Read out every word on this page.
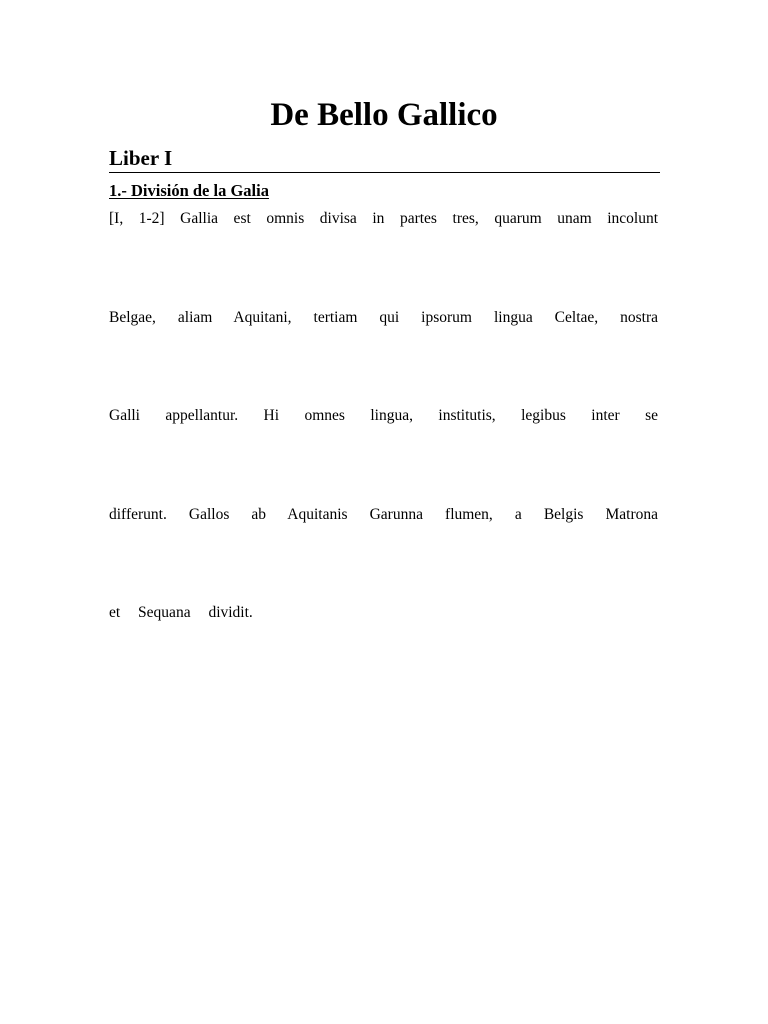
De Bello Gallico
Liber I
1.- División de la Galia
[I, 1-2] Gallia est omnis divisa in partes tres, quarum unam incolunt
Belgae, aliam Aquitani, tertiam qui ipsorum lingua Celtae, nostra
Galli appellantur. Hi omnes lingua, institutis, legibus inter se
differunt. Gallos ab Aquitanis Garunna flumen, a Belgis Matrona
et Sequana dividit.
